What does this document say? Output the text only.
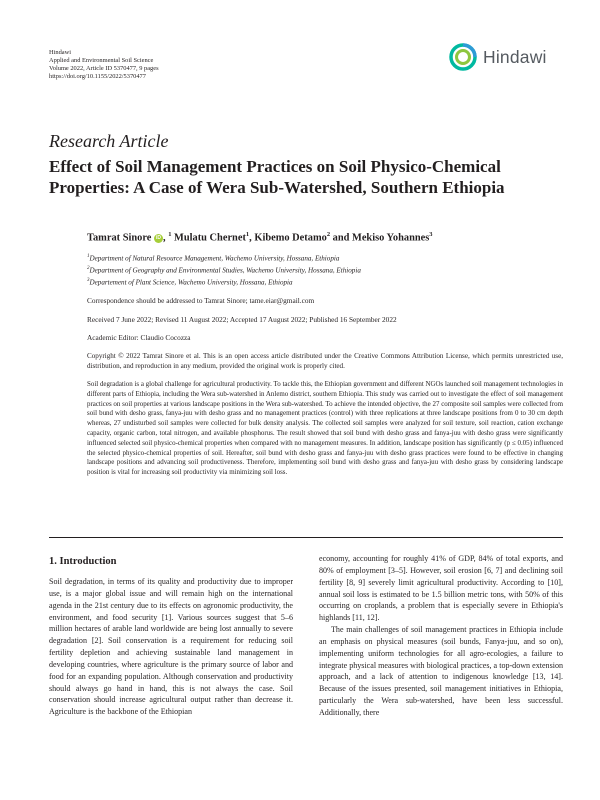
Hindawi
Applied and Environmental Soil Science
Volume 2022, Article ID 5370477, 9 pages
https://doi.org/10.1155/2022/5370477
Hindawi
Research Article
Effect of Soil Management Practices on Soil Physico-Chemical Properties: A Case of Wera Sub-Watershed, Southern Ethiopia
Tamrat Sinore iD , $^1$ Mulatu Chernet$^1$, Kibemo Detamo$^2$ and Mekiso Yohannes$^3$
$^1$Department of Natural Resource Management, Wachemo University, Hossana, Ethiopia
$^2$Department of Geography and Environmental Studies, Wachemo University, Hossana, Ethiopia
$^3$Departement of Plant Science, Wachemo University, Hossana, Ethiopia
Correspondence should be addressed to Tamrat Sinore; tame.eiar@gmail.com
Received 7 June 2022; Revised 11 August 2022; Accepted 17 August 2022; Published 16 September 2022
Academic Editor: Claudio Cocozza
Copyright © 2022 Tamrat Sinore et al. This is an open access article distributed under the Creative Commons Attribution License, which permits unrestricted use, distribution, and reproduction in any medium, provided the original work is properly cited.
Soil degradation is a global challenge for agricultural productivity. To tackle this, the Ethiopian government and different NGOs launched soil management technologies in different parts of Ethiopia, including the Wera sub-watershed in Anlemo district, southern Ethiopia. This study was carried out to investigate the effect of soil management practices on soil properties at various landscape positions in the Wera sub-watershed. To achieve the intended objective, the 27 composite soil samples were collected from soil bund with desho grass, fanya-juu with desho grass and no management practices (control) with three replications at three landscape positions from 0 to 30 cm depth whereas, 27 undisturbed soil samples were collected for bulk density analysis. The collected soil samples were analyzed for soil texture, soil reaction, cation exchange capacity, organic carbon, total nitrogen, and available phosphorus. The result showed that soil bund with desho grass and fanya-juu with desho grass were significantly influenced selected soil physico-chemical properties when compared with no management measures. In addition, landscape position has significantly (p ≤ 0.05) influenced the selected physico-chemical properties of soil. Hereafter, soil bund with desho grass and fanya-juu with desho grass practices were found to be effective in changing landscape positions and advancing soil productiveness. Therefore, implementing soil bund with desho grass and fanya-juu with desho grass by considering landscape position is vital for increasing soil productivity via minimizing soil loss.
1. Introduction

Soil degradation, in terms of its quality and productivity due to improper use, is a major global issue and will remain high on the international agenda in the 21st century due to its effects on agronomic productivity, the environment, and food security [1]. Various sources suggest that 5–6 million hectares of arable land worldwide are being lost annually to severe degradation [2]. Soil conservation is a requirement for reducing soil fertility depletion and achieving sustainable land management in developing countries, where agriculture is the primary source of labor and food for an expanding population. Although conservation and productivity should always go hand in hand, this is not always the case. Soil conservation should increase agricultural output rather than decrease it. Agriculture is the backbone of the Ethiopian

economy, accounting for roughly 41% of GDP, 84% of total exports, and 80% of employment [3–5]. However, soil erosion [6, 7] and declining soil fertility [8, 9] severely limit agricultural productivity. According to [10], annual soil loss is estimated to be 1.5 billion metric tons, with 50% of this occurring on croplands, a problem that is especially severe in Ethiopia's highlands [11, 12].

The main challenges of soil management practices in Ethiopia include an emphasis on physical measures (soil bunds, Fanya-juu, and so on), implementing uniform technologies for all agro-ecologies, a failure to integrate physical measures with biological practices, a top-down extension approach, and a lack of attention to indigenous knowledge [13, 14]. Because of the issues presented, soil management initiatives in Ethiopia, particularly the Wera sub-watershed, have been less successful. Additionally, there
